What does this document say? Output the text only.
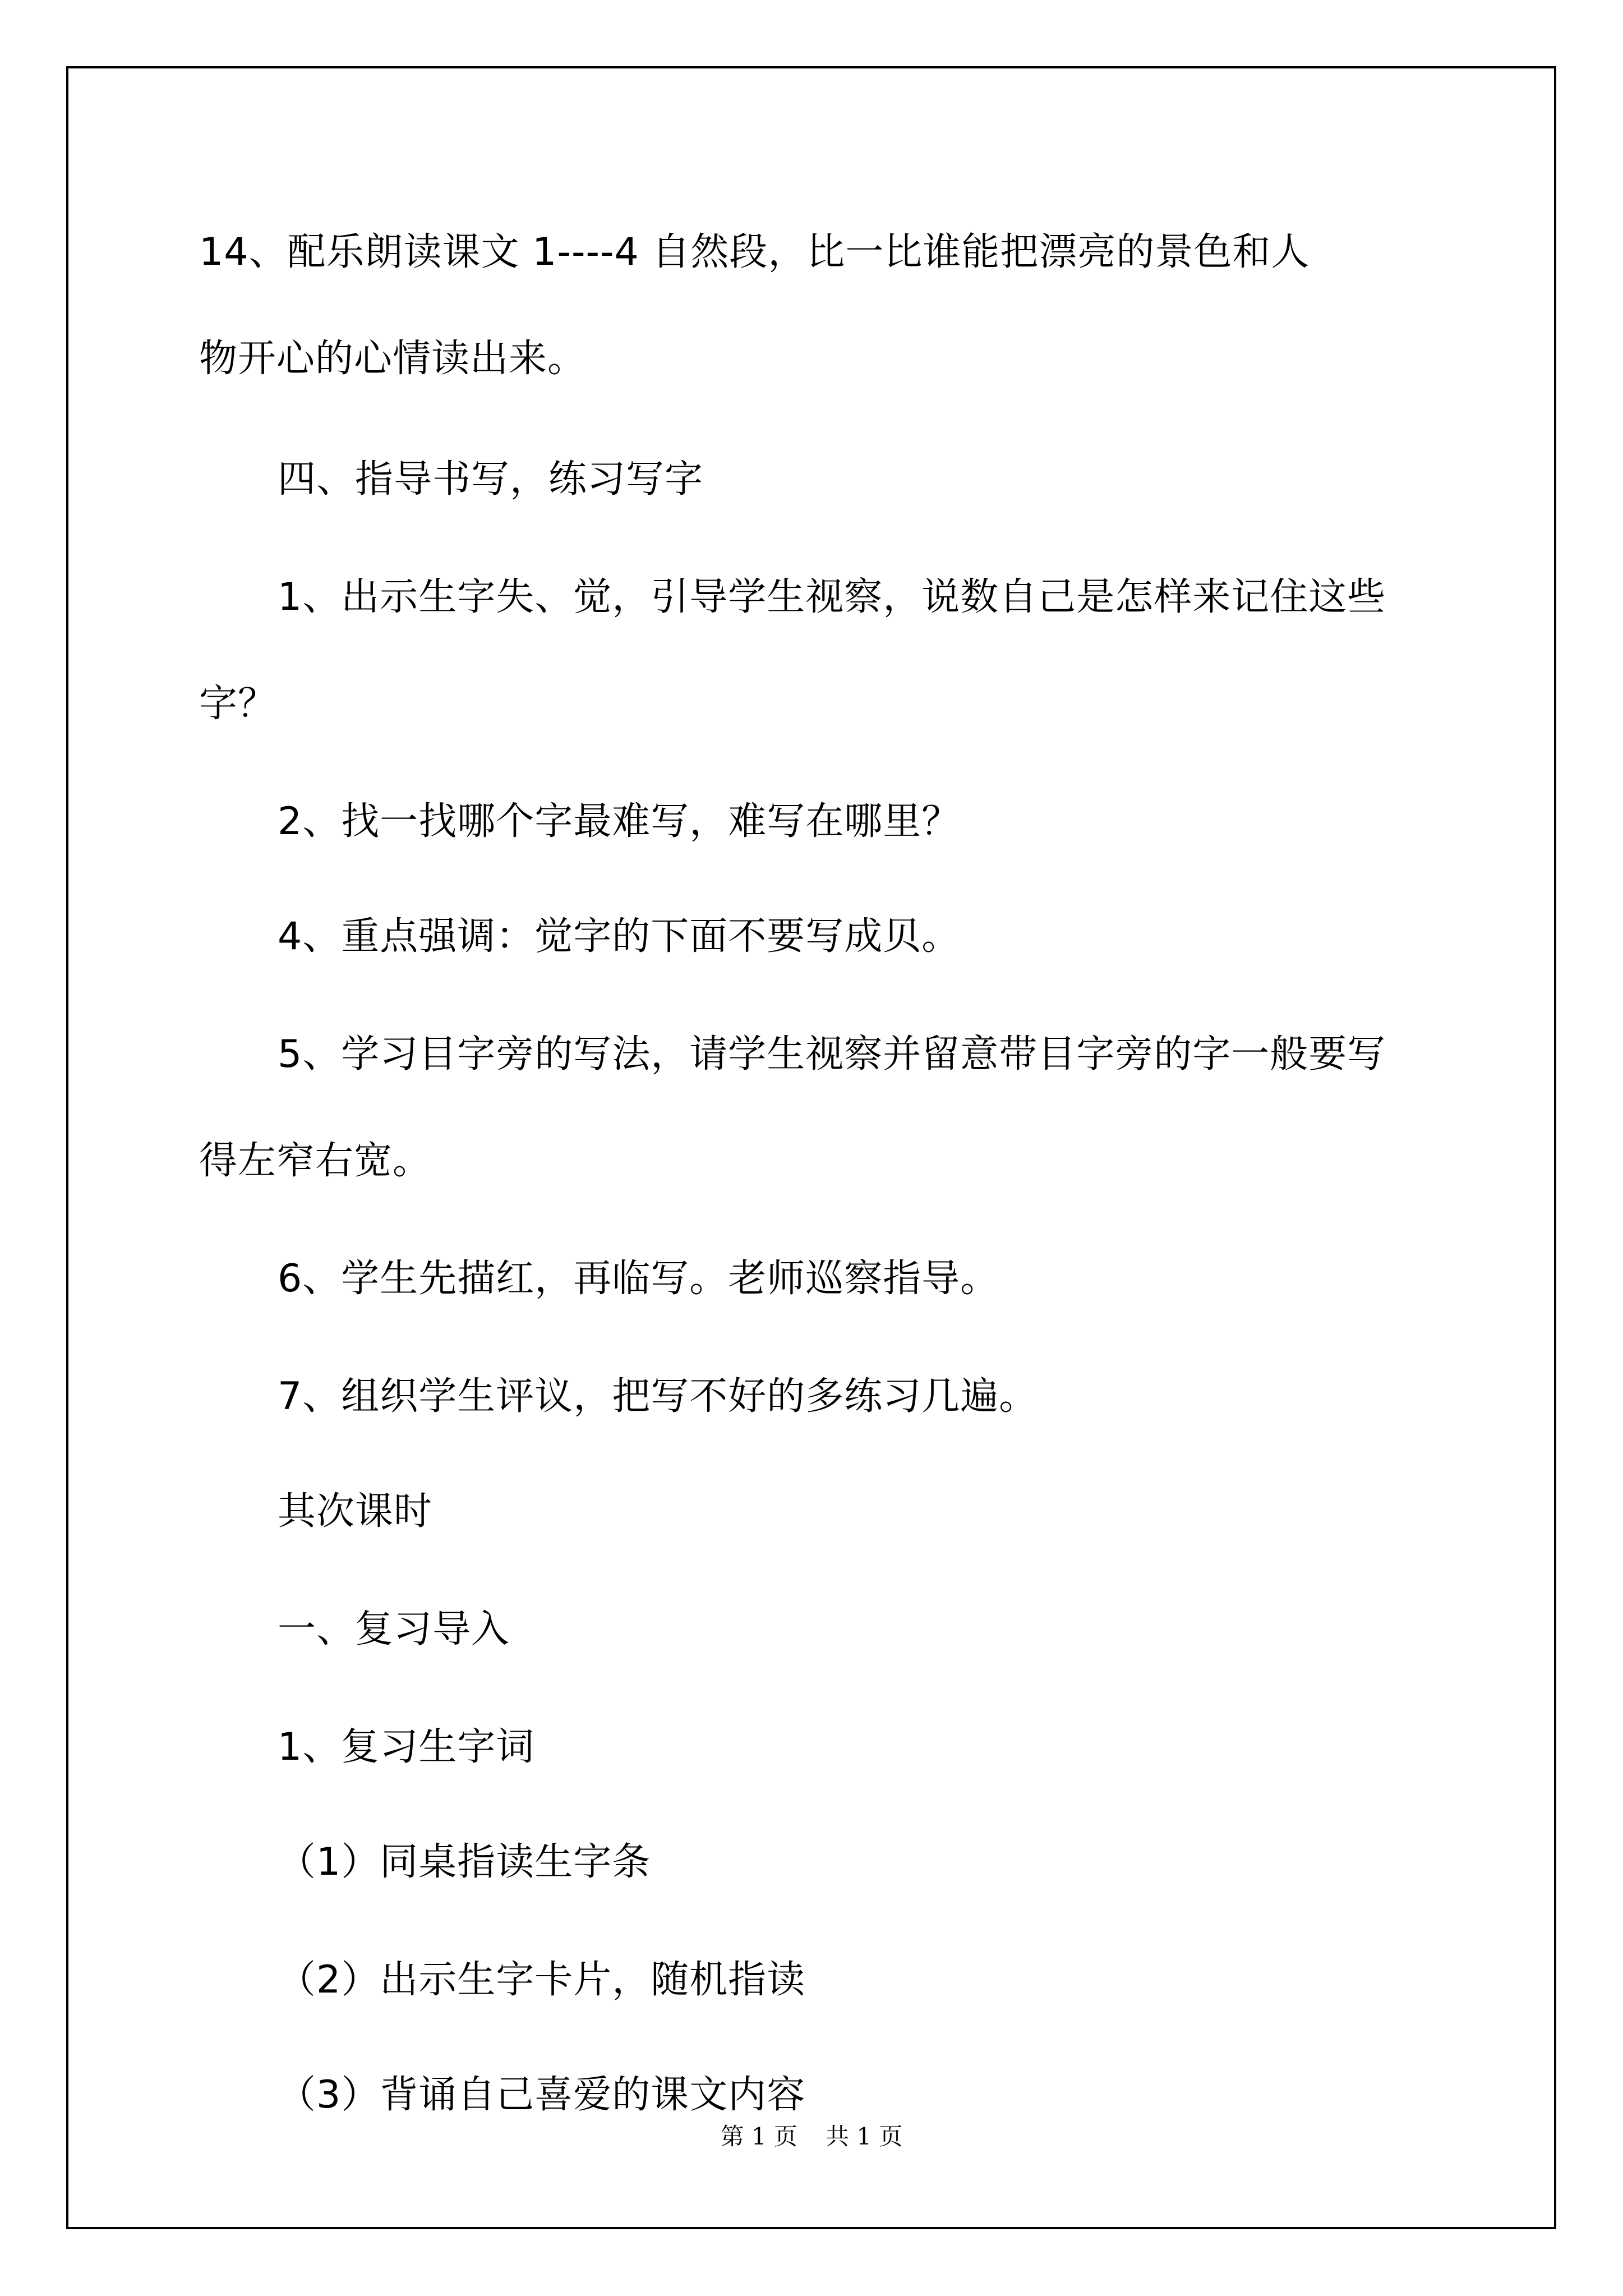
14、配乐朗读课文 1----4 自然段，比一比谁能把漂亮的景色和人
物开心的心情读出来。
四、指导书写，练习写字
1、出示生字失、觉，引导学生视察，说数自己是怎样来记住这些
字？
2、找一找哪个字最难写，难写在哪里？
4、重点强调：觉字的下面不要写成贝。
5、学习目字旁的写法，请学生视察并留意带目字旁的字一般要写
得左窄右宽。
6、学生先描红，再临写。老师巡察指导。
7、组织学生评议，把写不好的多练习几遍。
其次课时
一、复习导入
1、复习生字词
（1）同桌指读生字条
（2）出示生字卡片，随机指读
（3）背诵自己喜爱的课文内容
第 1 页 共 1 页
